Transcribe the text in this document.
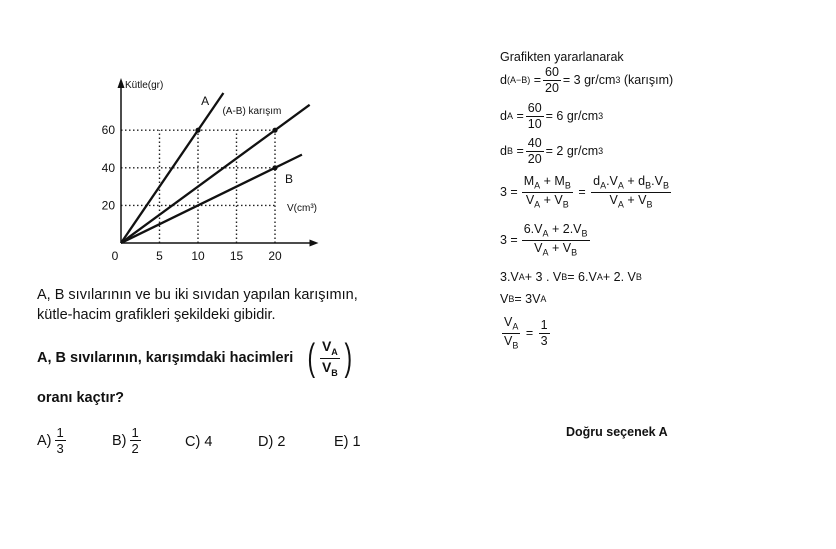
0	5 10 15 20
20
40
60
Kütle(gr)
V(cm³)
A
(A-B) karışım
B
A, B sıvılarının ve bu iki sıvıdan yapılan karışımın,
kütle-hacim grafikleri şekildeki gibidir.
A, B sıvılarının, karışımdaki hacimleri ( $\frac{V_A}{V_B}$ )
oranı kaçtır?
$A) \frac{1}{3}$	$B) \frac{1}{2}$	C) 4	D) 2	E) 1
Grafikten yararlanarak
d $(A-B) = \frac{60}{20} = 3$ gr/cm 3
(karışım)
d $A = \frac{60}{10} = 6$ gr/cm 3
d $B = \frac{40}{20} = 2$ gr/cm 3
$3 = \frac{M_A + M_B}{V_A + V_B} = \frac{d_A.V_A + d_B.V_B}{V_A + V_B}$
$3 = \frac{6.V_A + 2.V_B}{V_A + V_B}$
3.V A + 3 . V B = 6.V A + 2. V B
V B = 3V A
$\frac{V_A}{V_B} = \frac{1}{3}$
Doğru seçenek A
